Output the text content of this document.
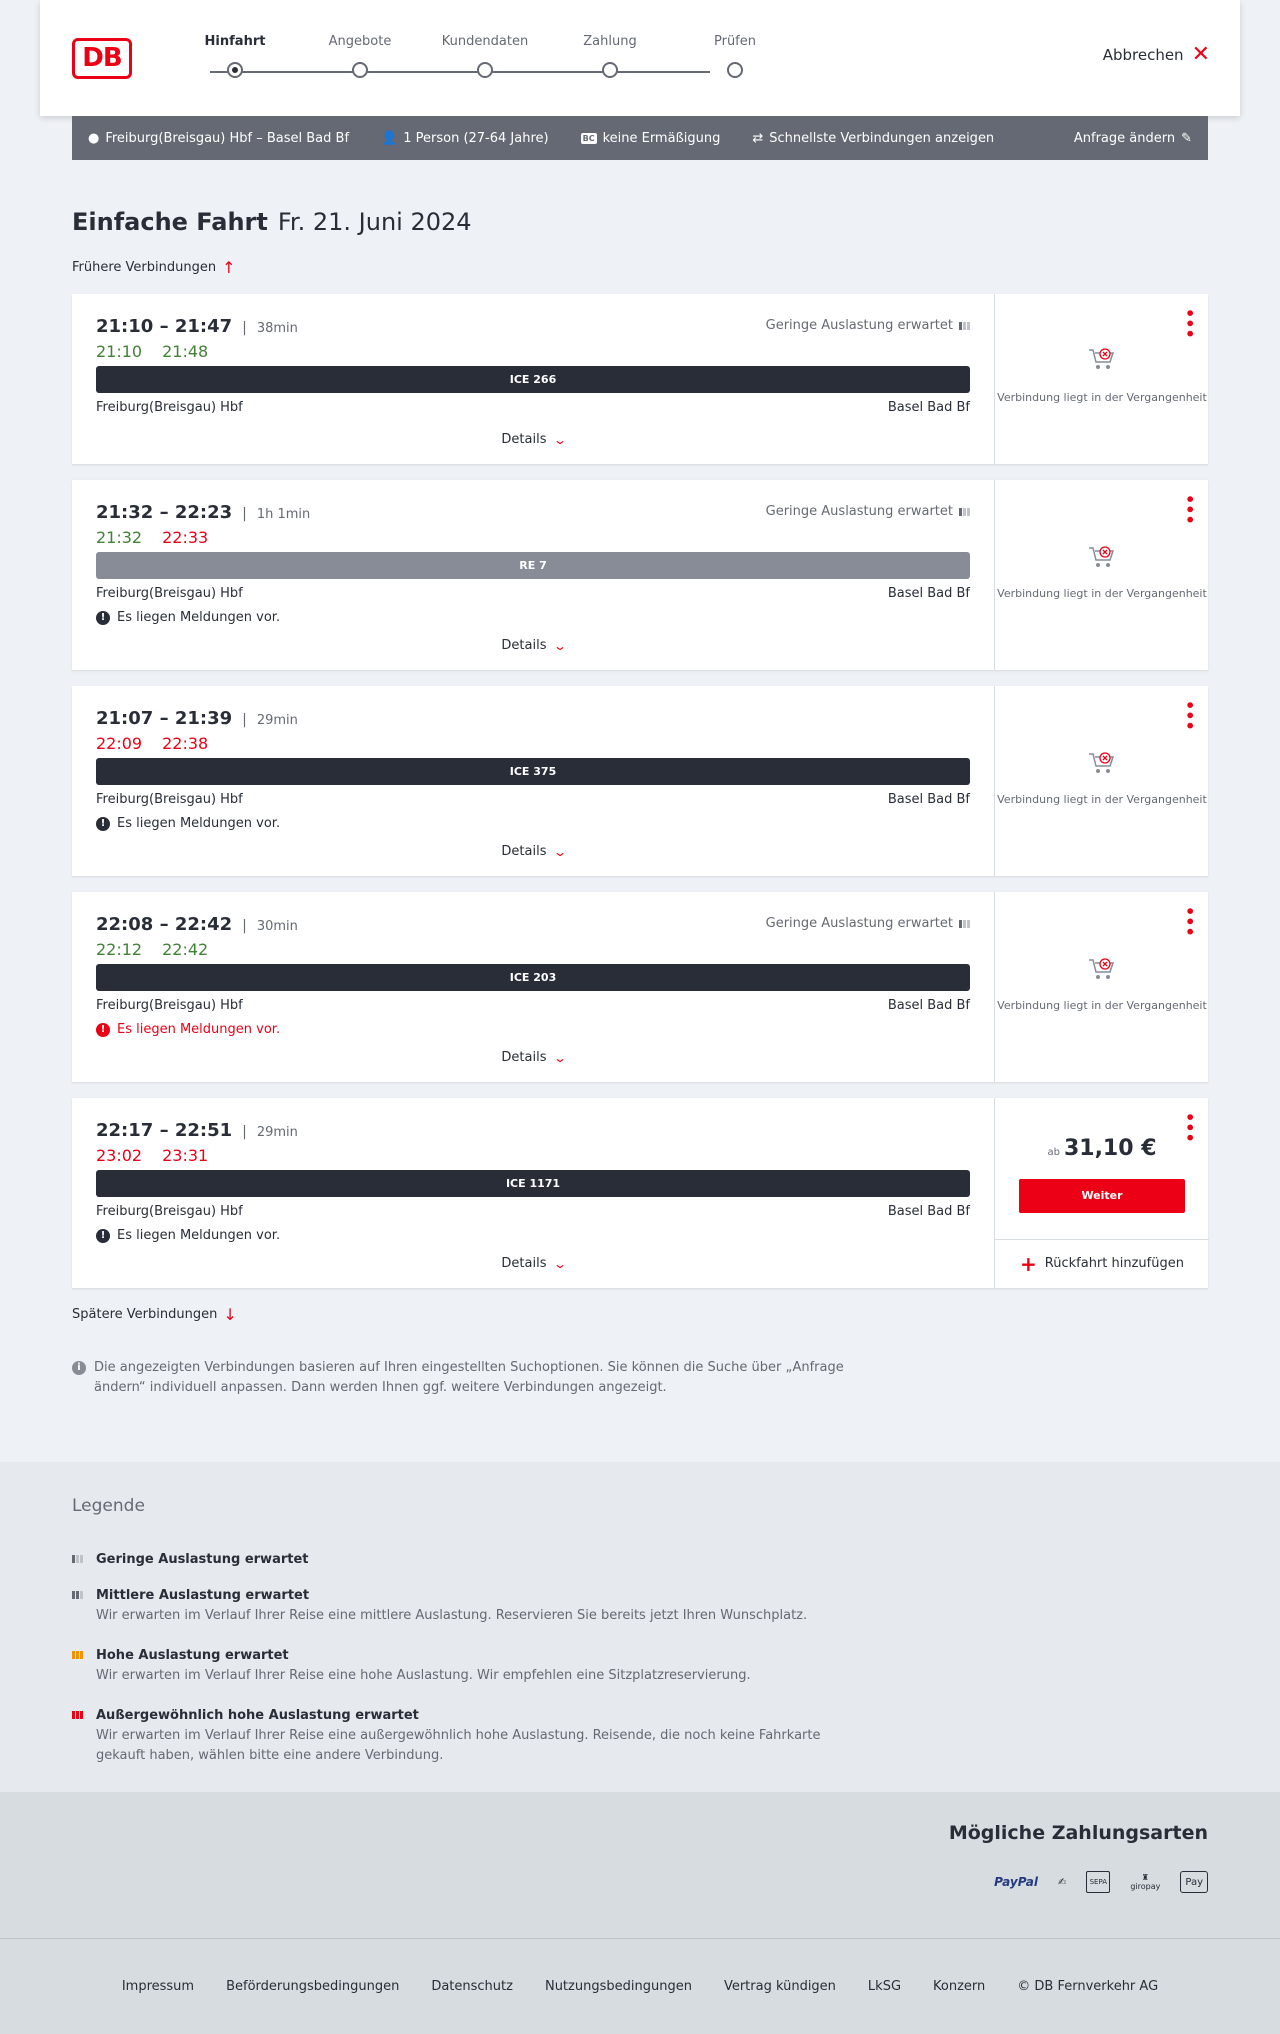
DB
Hinfahrt	Angebote	Kundendaten	Zahlung	Prüfen
Abbrechen ✕
● Freiburg(Breisgau) Hbf – Basel Bad Bf 👤 1 Person (27-64 Jahre)	BC keine Ermäßigung ⇄ Schnellste Verbindungen anzeigen	Anfrage ändern ✎
Einfache Fahrt Fr. 21. Juni 2024
Frühere Verbindungen ↑
21:10 – 21:47 | 38min
21:10 21:48
Geringe Auslastung erwartet
ICE 266
Freiburg(Breisgau) Hbf	Basel Bad Bf
Details ⌄
•••
Verbindung liegt in der Vergangenheit
21:32 – 22:23 | 1h 1min
21:32 22:33
Geringe Auslastung erwartet
RE 7
Freiburg(Breisgau) Hbf	Basel Bad Bf
! Es liegen Meldungen vor.
Details ⌄
•••
Verbindung liegt in der Vergangenheit
21:07 – 21:39 | 29min
22:09 22:38
ICE 375
Freiburg(Breisgau) Hbf	Basel Bad Bf
! Es liegen Meldungen vor.
Details ⌄
•••
Verbindung liegt in der Vergangenheit
22:08 – 22:42 | 30min
22:12 22:42
Geringe Auslastung erwartet
ICE 203
Freiburg(Breisgau) Hbf	Basel Bad Bf
! Es liegen Meldungen vor.
Details ⌄
•••
Verbindung liegt in der Vergangenheit
22:17 – 22:51 | 29min
23:02 23:31
ICE 1171
Freiburg(Breisgau) Hbf	Basel Bad Bf
! Es liegen Meldungen vor.
Details ⌄
•••
ab 31,10 €
Weiter
+ Rückfahrt hinzufügen
Spätere Verbindungen ↓
i	Die angezeigten Verbindungen basieren auf Ihren eingestellten Suchoptionen. Sie können die Suche über „Anfrage ändern“ individuell anpassen. Dann werden Ihnen ggf. weitere Verbindungen angezeigt.
Legende
Geringe Auslastung erwartet
Mittlere Auslastung erwartet
Wir erwarten im Verlauf Ihrer Reise eine mittlere Auslastung. Reservieren Sie bereits jetzt Ihren Wunschplatz.
Hohe Auslastung erwartet
Wir erwarten im Verlauf Ihrer Reise eine hohe Auslastung. Wir empfehlen eine Sitzplatzreservierung.
Außergewöhnlich hohe Auslastung erwartet
Wir erwarten im Verlauf Ihrer Reise eine außergewöhnlich hohe Auslastung. Reisende, die noch keine Fahrkarte gekauft haben, wählen bitte eine andere Verbindung.
Mögliche Zahlungsarten
PayPal ✍	SEPA	♜
giropay	Pay
Impressum Beförderungsbedingungen Datenschutz Nutzungsbedingungen Vertrag kündigen LkSG Konzern © DB Fernverkehr AG
